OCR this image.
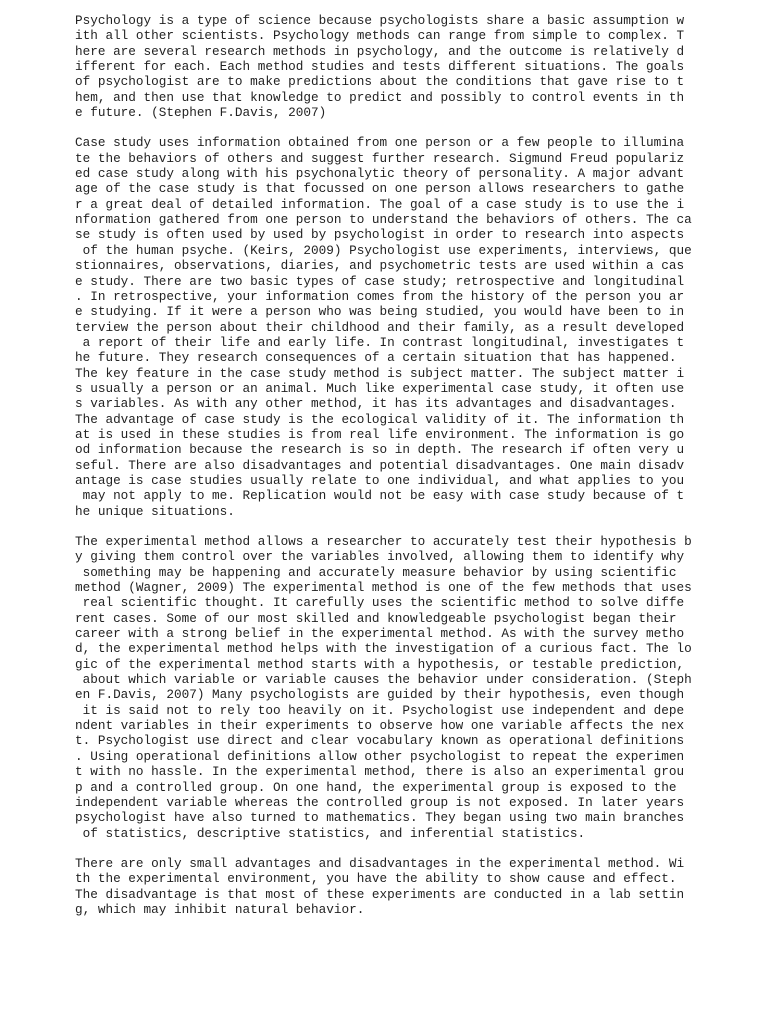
Psychology is a type of science because psychologists share a basic assumption w
ith all other scientists. Psychology methods can range from simple to complex. T
here are several research methods in psychology, and the outcome is relatively d
ifferent for each. Each method studies and tests different situations. The goals
of psychologist are to make predictions about the conditions that gave rise to t
hem, and then use that knowledge to predict and possibly to control events in th
e future. (Stephen F.Davis, 2007)
Case study uses information obtained from one person or a few people to illumina
te the behaviors of others and suggest further research. Sigmund Freud populariz
ed case study along with his psychonalytic theory of personality. A major advant
age of the case study is that focussed on one person allows researchers to gathe
r a great deal of detailed information. The goal of a case study is to use the i
nformation gathered from one person to understand the behaviors of others. The ca
se study is often used by used by psychologist in order to research into aspects
of the human psyche. (Keirs, 2009) Psychologist use experiments, interviews, que
stionnaires, observations, diaries, and psychometric tests are used within a cas
e study. There are two basic types of case study; retrospective and longitudinal
. In retrospective, your information comes from the history of the person you ar
e studying. If it were a person who was being studied, you would have been to in
terview the person about their childhood and their family, as a result developed
a report of their life and early life. In contrast longitudinal, investigates t
he future. They research consequences of a certain situation that has happened.
The key feature in the case study method is subject matter. The subject matter i
s usually a person or an animal. Much like experimental case study, it often use
s variables. As with any other method, it has its advantages and disadvantages.
The advantage of case study is the ecological validity of it. The information th
at is used in these studies is from real life environment. The information is go
od information because the research is so in depth. The research if often very u
seful. There are also disadvantages and potential disadvantages. One main disadv
antage is case studies usually relate to one individual, and what applies to you
may not apply to me. Replication would not be easy with case study because of t
he unique situations.
The experimental method allows a researcher to accurately test their hypothesis b
y giving them control over the variables involved, allowing them to identify why
something may be happening and accurately measure behavior by using scientific
method (Wagner, 2009) The experimental method is one of the few methods that uses
real scientific thought. It carefully uses the scientific method to solve diffe
rent cases. Some of our most skilled and knowledgeable psychologist began their
career with a strong belief in the experimental method. As with the survey metho
d, the experimental method helps with the investigation of a curious fact. The lo
gic of the experimental method starts with a hypothesis, or testable prediction,
about which variable or variable causes the behavior under consideration. (Steph
en F.Davis, 2007) Many psychologists are guided by their hypothesis, even though
it is said not to rely too heavily on it. Psychologist use independent and depe
ndent variables in their experiments to observe how one variable affects the nex
t. Psychologist use direct and clear vocabulary known as operational definitions
. Using operational definitions allow other psychologist to repeat the experimen
t with no hassle. In the experimental method, there is also an experimental grou
p and a controlled group. On one hand, the experimental group is exposed to the
independent variable whereas the controlled group is not exposed. In later years
psychologist have also turned to mathematics. They began using two main branches
of statistics, descriptive statistics, and inferential statistics.
There are only small advantages and disadvantages in the experimental method. Wi
th the experimental environment, you have the ability to show cause and effect.
The disadvantage is that most of these experiments are conducted in a lab settin
g, which may inhibit natural behavior.
